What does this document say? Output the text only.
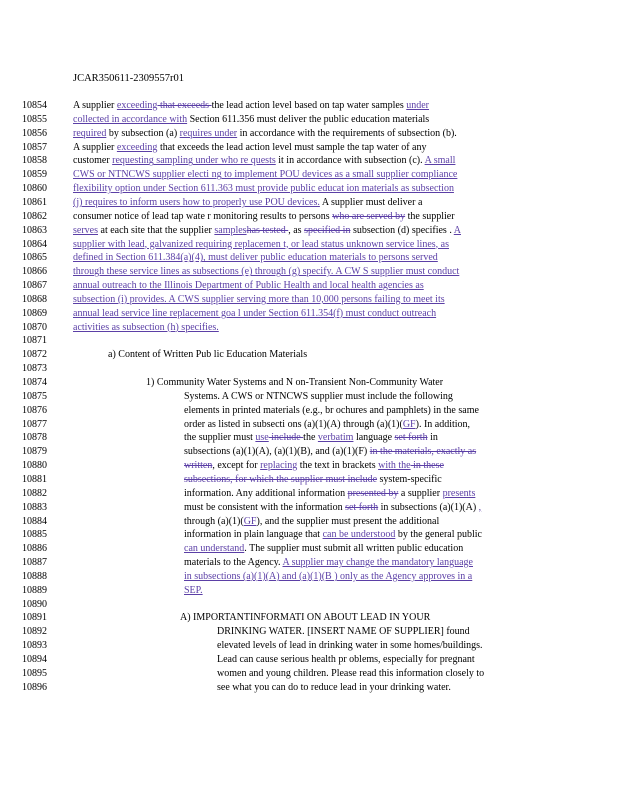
JCAR350611-2309557r01
10854	A supplier exceeding that exceeds the lead action level based on tap water samples under
10855	collected in accordance with Section 611.356 must deliver the public education materials
10856	required by subsection (a) requires under in accordance with the requirements of subsection (b).
10857	A supplier exceeding that exceeds the lead action level must sample the tap water of any
10858	customer requesting sampling under who re quests it in accordance with subsection (c). A small
10859	CWS or NTNCWS supplier electi ng to implement POU devices as a small supplier compliance
10860	flexibility option under Section 611.363 must provide public educat ion materials as subsection
10861	(j) requires to inform users how to properly use POU devices. A supplier must deliver a
10862	consumer notice of lead tap wate r monitoring results to persons who are served by the supplier
10863	serves at each site that the supplier sampleshas tested , as specified in subsection (d) specifies . A
10864	supplier with lead, galvanized requiring replacemen t, or lead status unknown service lines, as
10865	defined in Section 611.384(a)(4), must deliver public education materials to persons served
10866	through these service lines as subsections (e) through (g) specify. A CW S supplier must conduct
10867	annual outreach to the Illinois Department of Public Health and local health agencies as
10868	subsection (i) provides. A CWS supplier serving more than 10,000 persons failing to meet its
10869	annual lead service line replacement goa l under Section 611.354(f) must conduct outreach
10870	activities as subsection (h) specifies.
10871
10872	a) Content of Written Pub lic Education Materials
10873
10874	1) Community Water Systems and N on-Transient Non-Community Water
10875	Systems. A CWS or NTNCWS supplier must include the following
10876	elements in printed materials (e.g., br ochures and pamphlets) in the same
10877	order as listed in subsecti ons (a)(1)(A) through (a)(1)(GF). In addition,
10878	the supplier must use include the verbatim language set forth in
10879	subsections (a)(1)(A), (a)(1)(B), and (a)(1)(F) in the materials, exactly as
10880	written, except for replacing the text in brackets with the in these
10881	subsections, for which the supplier must include system-specific
10882	information. Any additional information presented by a supplier presents
10883	must be consistent with the information set forth in subsections (a)(1)(A) ,
10884	through (a)(1)(GF), and the supplier must present the additional
10885	information in plain language that can be understood by the general public
10886	can understand. The supplier must submit all written public education
10887	materials to the Agency. A supplier may change the mandatory language
10888	in subsections (a)(1)(A) and (a)(1)(B ) only as the Agency approves in a
10889	SEP.
10890
10891	A) IMPORTANTINFORMATI ON ABOUT LEAD IN YOUR
10892	DRINKING WATER. [INSERT NAME OF SUPPLIER] found
10893	elevated levels of lead in drinking water in some homes/buildings.
10894	Lead can cause serious health pr oblems, especially for pregnant
10895	women and young children. Please read this information closely to
10896	see what you can do to reduce lead in your drinking water.
